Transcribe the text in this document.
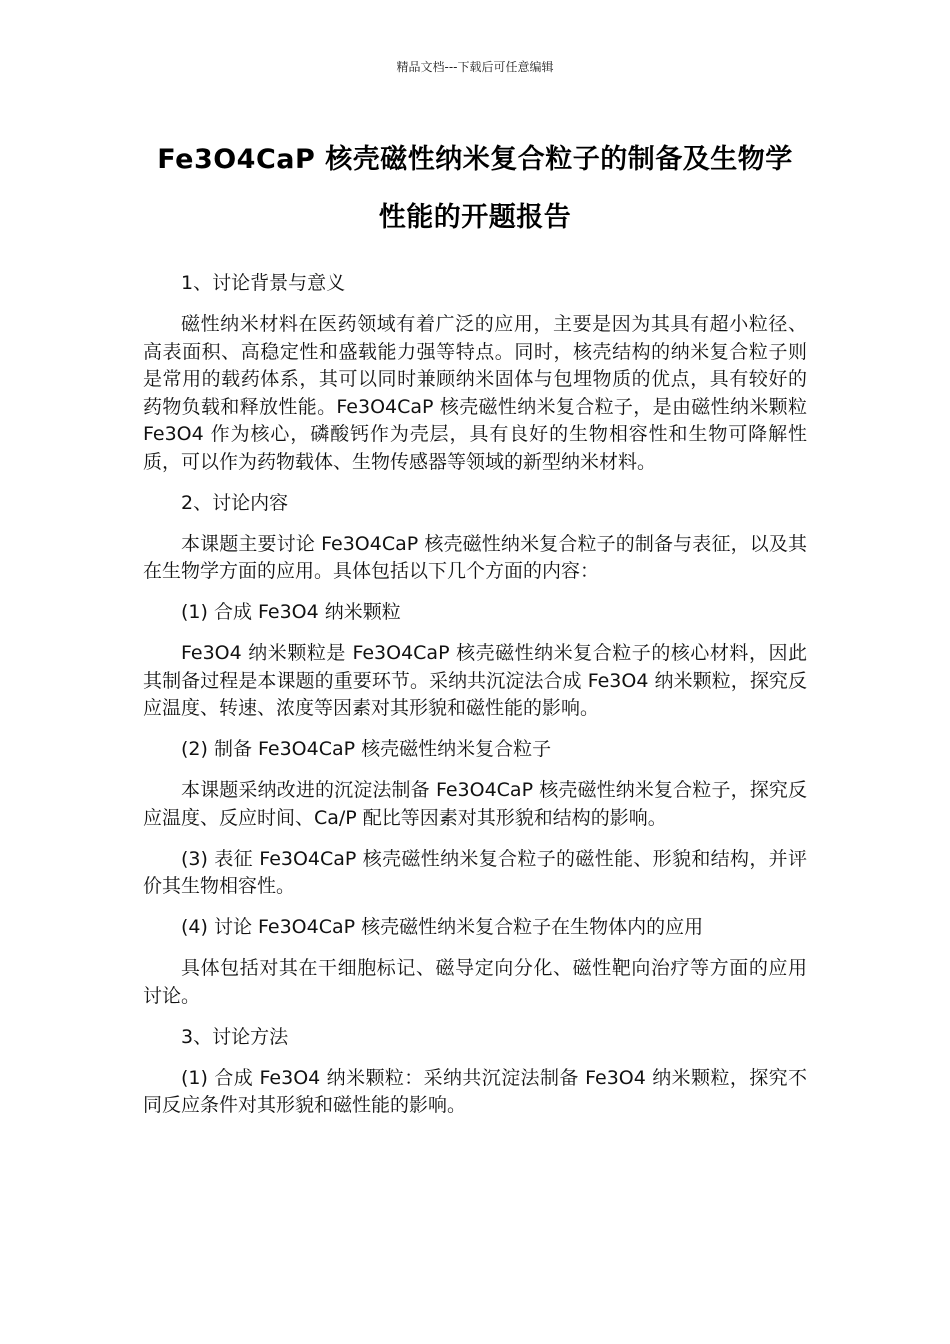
精品文档---下载后可任意编辑
Fe3O4CaP 核壳磁性纳米复合粒子的制备及生物学
性能的开题报告

1、讨论背景与意义

磁性纳米材料在医药领域有着广泛的应用，主要是因为其具有超小粒径、高表面积、高稳定性和盛载能力强等特点。同时，核壳结构的纳米复合粒子则是常用的载药体系，其可以同时兼顾纳米固体与包埋物质的优点，具有较好的药物负载和释放性能。Fe3O4CaP 核壳磁性纳米复合粒子，是由磁性纳米颗粒 Fe3O4 作为核心，磷酸钙作为壳层，具有良好的生物相容性和生物可降解性质，可以作为药物载体、生物传感器等领域的新型纳米材料。

2、讨论内容

本课题主要讨论 Fe3O4CaP 核壳磁性纳米复合粒子的制备与表征，以及其在生物学方面的应用。具体包括以下几个方面的内容：

(1) 合成 Fe3O4 纳米颗粒

Fe3O4 纳米颗粒是 Fe3O4CaP 核壳磁性纳米复合粒子的核心材料，因此其制备过程是本课题的重要环节。采纳共沉淀法合成 Fe3O4 纳米颗粒，探究反应温度、转速、浓度等因素对其形貌和磁性能的影响。

(2) 制备 Fe3O4CaP 核壳磁性纳米复合粒子

本课题采纳改进的沉淀法制备 Fe3O4CaP 核壳磁性纳米复合粒子，探究反应温度、反应时间、Ca/P 配比等因素对其形貌和结构的影响。

(3) 表征 Fe3O4CaP 核壳磁性纳米复合粒子的磁性能、形貌和结构，并评价其生物相容性。

(4) 讨论 Fe3O4CaP 核壳磁性纳米复合粒子在生物体内的应用

具体包括对其在干细胞标记、磁导定向分化、磁性靶向治疗等方面的应用讨论。

3、讨论方法

(1) 合成 Fe3O4 纳米颗粒：采纳共沉淀法制备 Fe3O4 纳米颗粒，探究不同反应条件对其形貌和磁性能的影响。
